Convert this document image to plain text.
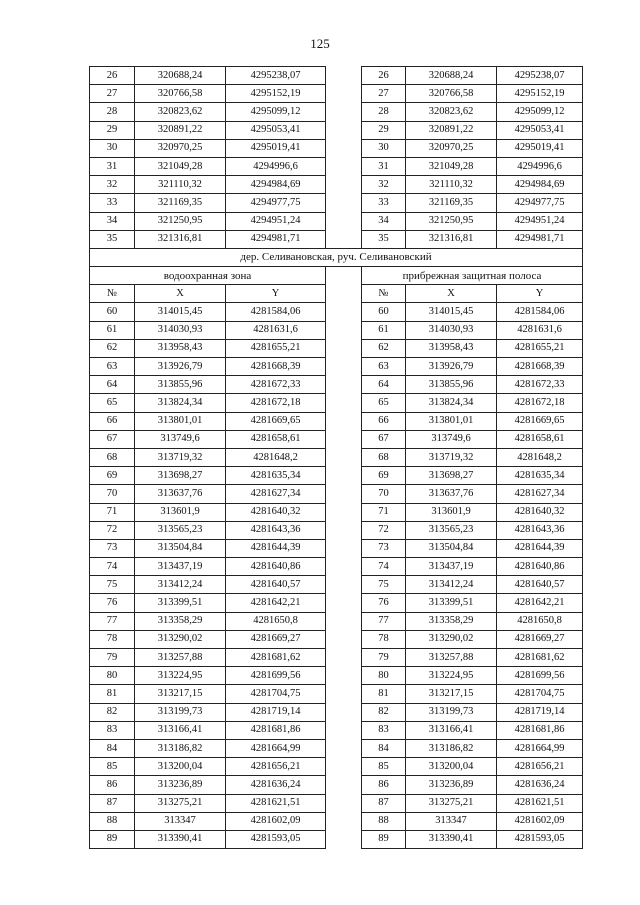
125
26	320688,24	4295238,07		26	320688,24	4295238,07
27	320766,58	4295152,19		27	320766,58	4295152,19
28	320823,62	4295099,12		28	320823,62	4295099,12
29	320891,22	4295053,41		29	320891,22	4295053,41
30	320970,25	4295019,41		30	320970,25	4295019,41
31	321049,28	4294996,6		31	321049,28	4294996,6
32	321110,32	4294984,69		32	321110,32	4294984,69
33	321169,35	4294977,75		33	321169,35	4294977,75
34	321250,95	4294951,24		34	321250,95	4294951,24
35	321316,81	4294981,71		35	321316,81	4294981,71
дер. Селивановская, руч. Селивановский						
водоохранная зона				прибрежная защитная полоса		
№	X	Y		№	X	Y
60	314015,45	4281584,06		60	314015,45	4281584,06
61	314030,93	4281631,6		61	314030,93	4281631,6
62	313958,43	4281655,21		62	313958,43	4281655,21
63	313926,79	4281668,39		63	313926,79	4281668,39
64	313855,96	4281672,33		64	313855,96	4281672,33
65	313824,34	4281672,18		65	313824,34	4281672,18
66	313801,01	4281669,65		66	313801,01	4281669,65
67	313749,6	4281658,61		67	313749,6	4281658,61
68	313719,32	4281648,2		68	313719,32	4281648,2
69	313698,27	4281635,34		69	313698,27	4281635,34
70	313637,76	4281627,34		70	313637,76	4281627,34
71	313601,9	4281640,32		71	313601,9	4281640,32
72	313565,23	4281643,36		72	313565,23	4281643,36
73	313504,84	4281644,39		73	313504,84	4281644,39
74	313437,19	4281640,86		74	313437,19	4281640,86
75	313412,24	4281640,57		75	313412,24	4281640,57
76	313399,51	4281642,21		76	313399,51	4281642,21
77	313358,29	4281650,8		77	313358,29	4281650,8
78	313290,02	4281669,27		78	313290,02	4281669,27
79	313257,88	4281681,62		79	313257,88	4281681,62
80	313224,95	4281699,56		80	313224,95	4281699,56
81	313217,15	4281704,75		81	313217,15	4281704,75
82	313199,73	4281719,14		82	313199,73	4281719,14
83	313166,41	4281681,86		83	313166,41	4281681,86
84	313186,82	4281664,99		84	313186,82	4281664,99
85	313200,04	4281656,21		85	313200,04	4281656,21
86	313236,89	4281636,24		86	313236,89	4281636,24
87	313275,21	4281621,51		87	313275,21	4281621,51
88	313347	4281602,09		88	313347	4281602,09
89	313390,41	4281593,05		89	313390,41	4281593,05
